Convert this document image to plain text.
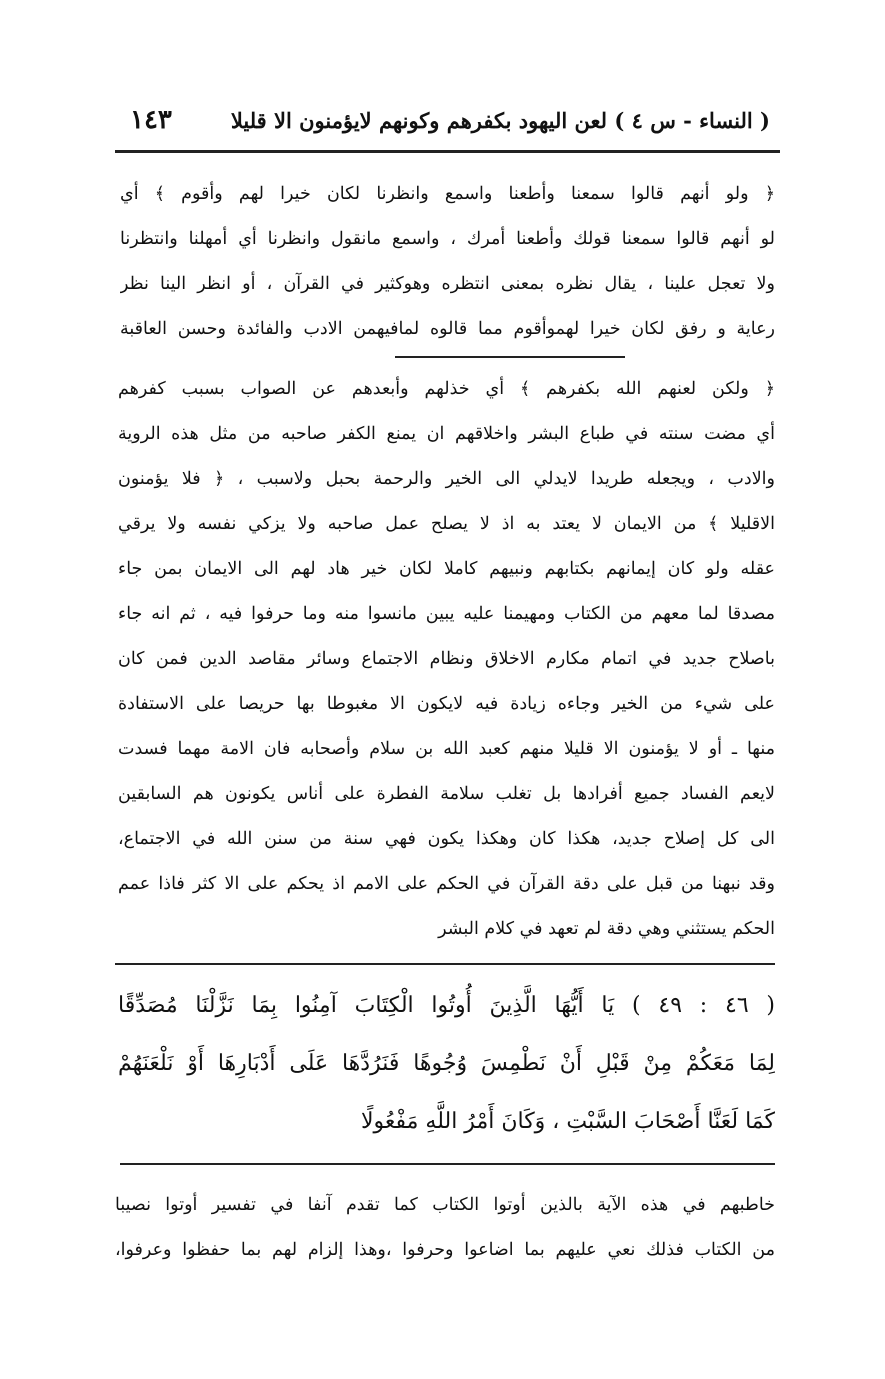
( النساء - س ٤ ) لعن اليهود بكفرهم وكونهم لايؤمنون الا قليلا
١٤٣
﴿ ولو أنهم قالوا سمعنا وأطعنا واسمع وانظرنا لكان خيرا لهم وأقوم ﴾ أي
لو أنهم قالوا سمعنا قولك وأطعنا أمرك ، واسمع مانقول وانظرنا أي أمهلنا وانتظرنا
ولا تعجل علينا ، يقال نظره بمعنى انتظره وهوكثير في القرآن ، أو انظر الينا نظر
رعاية و رفق لكان خيرا لهموأقوم مما قالوه لمافيهمن الادب والفائدة وحسن العاقبة
﴿ ولكن لعنهم الله بكفرهم ﴾ أي خذلهم وأبعدهم عن الصواب بسبب كفرهم
أي مضت سنته في طباع البشر واخلاقهم ان يمنع الكفر صاحبه من مثل هذه الروية
والادب ، ويجعله طريدا لايدلي الى الخير والرحمة بحبل ولاسبب ، ﴿ فلا يؤمنون
الاقليلا ﴾ من الايمان لا يعتد به اذ لا يصلح عمل صاحبه ولا يزكي نفسه ولا يرقي
عقله ولو كان إيمانهم بكتابهم ونبيهم كاملا لكان خير هاد لهم الى الايمان بمن جاء
مصدقا لما معهم من الكتاب ومهيمنا عليه يبين مانسوا منه وما حرفوا فيه ، ثم انه جاء
باصلاح جديد في اتمام مكارم الاخلاق ونظام الاجتماع وسائر مقاصد الدين فمن كان
على شيء من الخير وجاءه زيادة فيه لايكون الا مغبوطا بها حريصا على الاستفادة
منها ـ أو لا يؤمنون الا قليلا منهم كعبد الله بن سلام وأصحابه فان الامة مهما فسدت
لايعم الفساد جميع أفرادها بل تغلب سلامة الفطرة على أناس يكونون هم السابقين
الى كل إصلاح جديد، هكذا كان وهكذا يكون فهي سنة من سنن الله في الاجتماع،
وقد نبهنا من قبل على دقة القرآن في الحكم على الامم اذ يحكم على الا كثر فاذا عمم
الحكم يستثني وهي دقة لم تعهد في كلام البشر
( ٤٦ : ٤٩ ) يَا أَيُّهَا الَّذِينَ أُوتُوا الْكِتَابَ آمِنُوا بِمَا نَزَّلْنَا مُصَدِّقًا
لِمَا مَعَكُمْ مِنْ قَبْلِ أَنْ نَطْمِسَ وُجُوهًا فَنَرُدَّهَا عَلَى أَدْبَارِهَا أَوْ نَلْعَنَهُمْ
كَمَا لَعَنَّا أَصْحَابَ السَّبْتِ ، وَكَانَ أَمْرُ اللَّهِ مَفْعُولًا
خاطبهم في هذه الآية بالذين أوتوا الكتاب كما تقدم آنفا في تفسير أوتوا نصيبا
من الكتاب فذلك نعي عليهم بما اضاعوا وحرفوا ،وهذا إلزام لهم بما حفظوا وعرفوا،
